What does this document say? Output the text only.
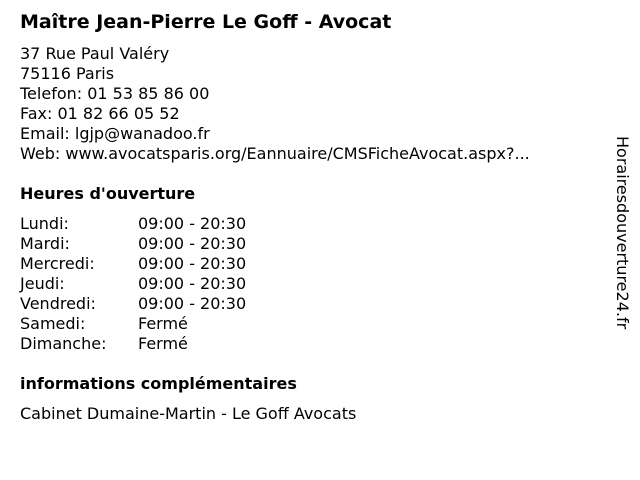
Maître Jean-Pierre Le Goff - Avocat
37 Rue Paul Valéry
75116 Paris
Telefon: 01 53 85 86 00
Fax: 01 82 66 05 52
Email: lgjp@wanadoo.fr
Web: www.avocatsparis.org/Eannuaire/CMSFicheAvocat.aspx?...
Heures d'ouverture
Lundi:	09:00 - 20:30
Mardi:	09:00 - 20:30
Mercredi:	09:00 - 20:30
Jeudi:	09:00 - 20:30
Vendredi:	09:00 - 20:30
Samedi:	Fermé
Dimanche:	Fermé
informations complémentaires
Cabinet Dumaine-Martin - Le Goff Avocats
Horairesdouverture24.fr
